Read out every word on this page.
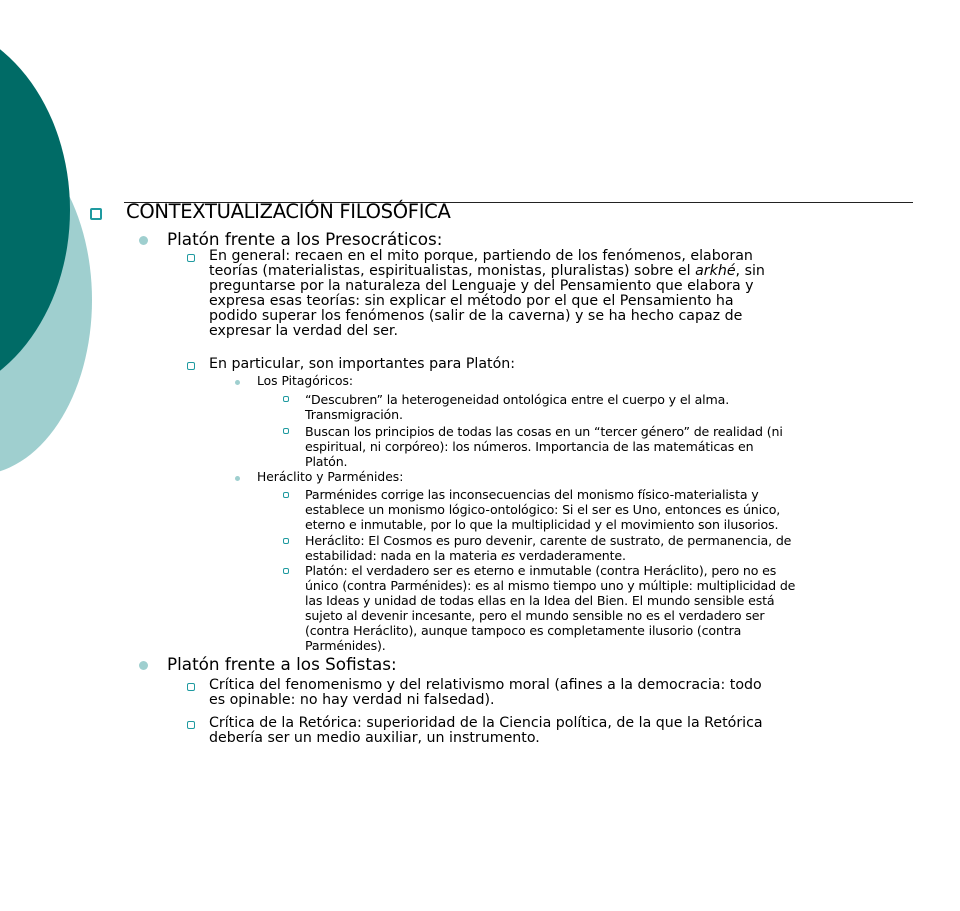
CONTEXTUALIZACIÓN FILOSÓFICA

Platón frente a los Presocráticos:

En general: recaen en el mito porque, partiendo de los fenómenos, elaboran
teorías (materialistas, espiritualistas, monistas, pluralistas) sobre el arkhé, sin
preguntarse por la naturaleza del Lenguaje y del Pensamiento que elabora y
expresa esas teorías: sin explicar el método por el que el Pensamiento ha
podido superar los fenómenos (salir de la caverna) y se ha hecho capaz de
expresar la verdad del ser.

En particular, son importantes para Platón:

Los Pitagóricos:

“Descubren” la heterogeneidad ontológica entre el cuerpo y el alma.
Transmigración.
Buscan los principios de todas las cosas en un “tercer género” de realidad (ni
espiritual, ni corpóreo): los números. Importancia de las matemáticas en
Platón.

Heráclito y Parménides:

Parménides corrige las inconsecuencias del monismo físico-materialista y
establece un monismo lógico-ontológico: Si el ser es Uno, entonces es único,
eterno e inmutable, por lo que la multiplicidad y el movimiento son ilusorios.
Heráclito: El Cosmos es puro devenir, carente de sustrato, de permanencia, de
estabilidad: nada en la materia es verdaderamente.
Platón: el verdadero ser es eterno e inmutable (contra Heráclito), pero no es
único (contra Parménides): es al mismo tiempo uno y múltiple: multiplicidad de
las Ideas y unidad de todas ellas en la Idea del Bien. El mundo sensible está
sujeto al devenir incesante, pero el mundo sensible no es el verdadero ser
(contra Heráclito), aunque tampoco es completamente ilusorio (contra
Parménides).

Platón frente a los Sofistas:

Crítica del fenomenismo y del relativismo moral (afines a la democracia: todo
es opinable: no hay verdad ni falsedad).
Crítica de la Retórica: superioridad de la Ciencia política, de la que la Retórica
debería ser un medio auxiliar, un instrumento.
